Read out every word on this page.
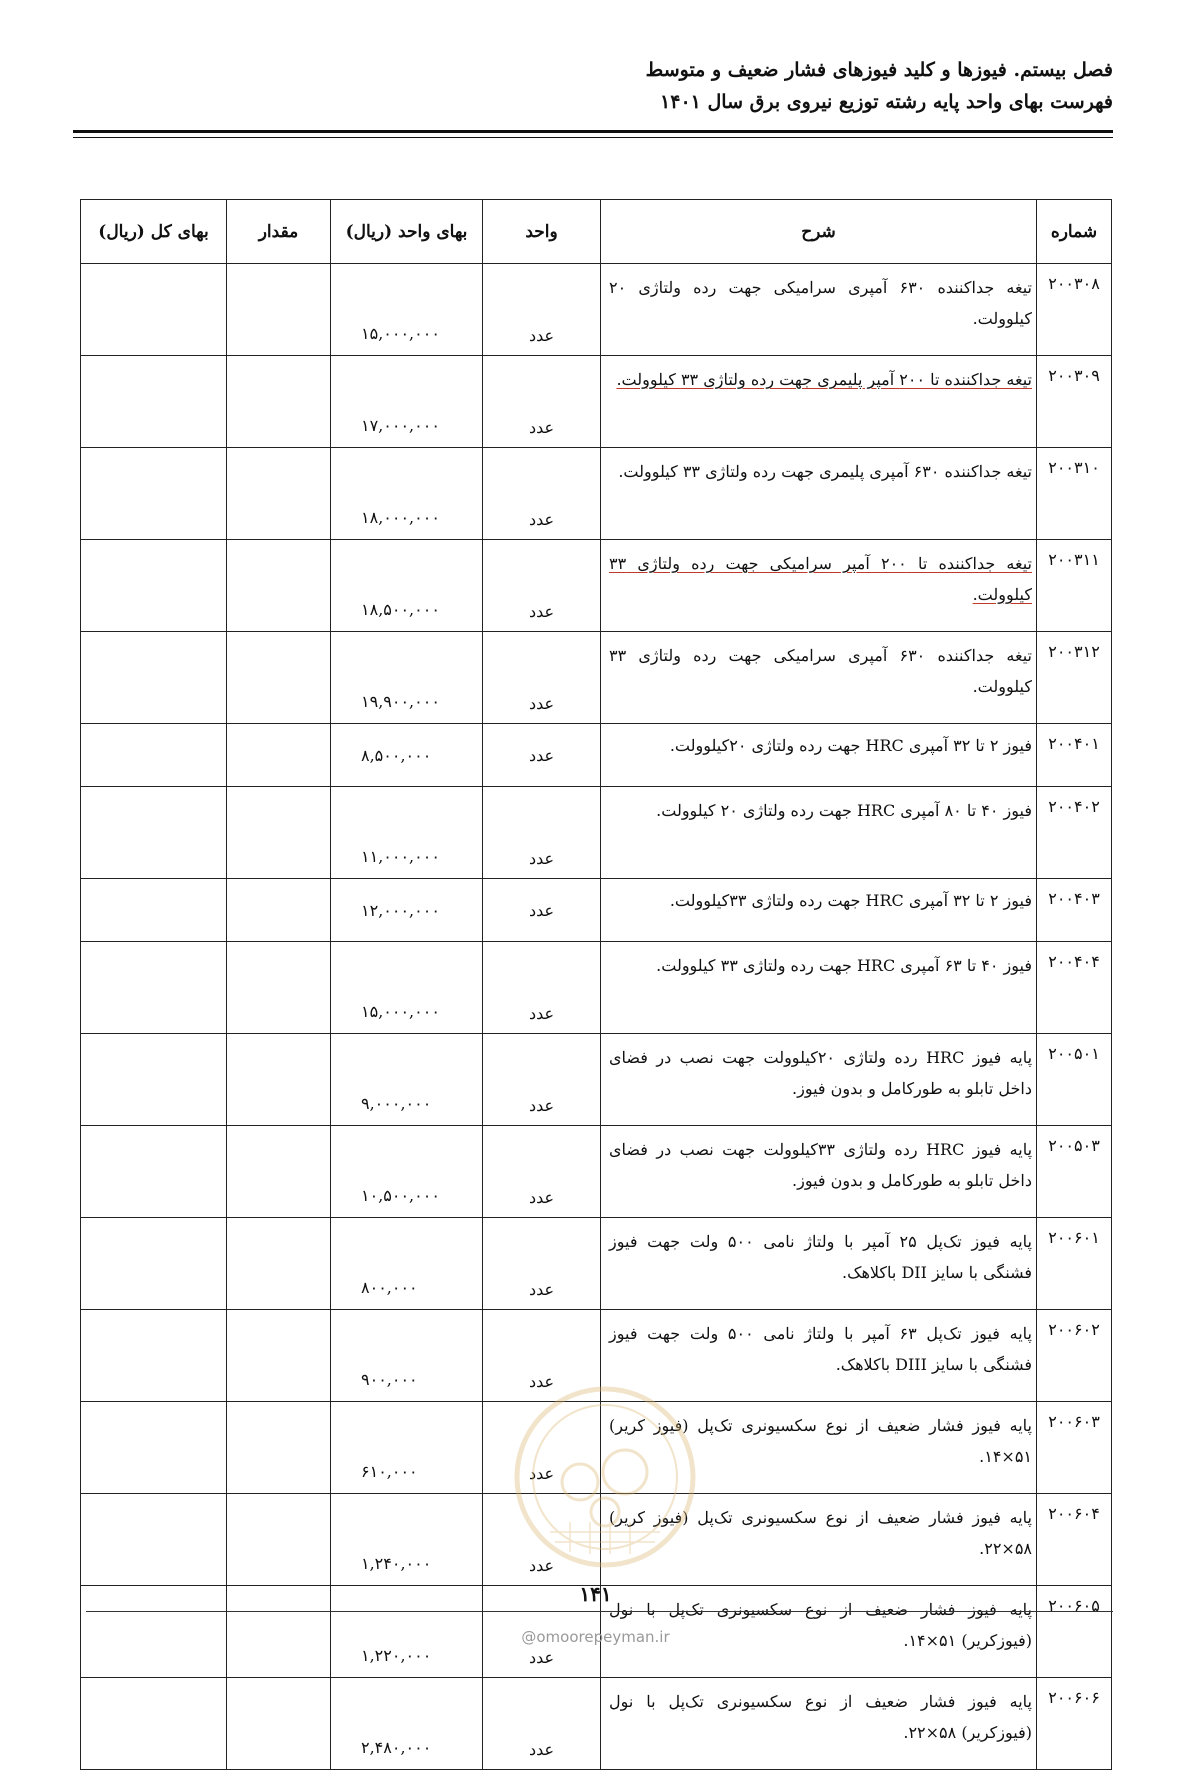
فصل بیستم. فیوزها و کلید فیوزهای فشار ضعیف و متوسط
فهرست بهای واحد پایه رشته توزیع نیروی برق سال ۱۴۰۱
شماره	شرح	واحد	بهای واحد (ریال)	مقدار	بهای کل (ریال)
۲۰۰۳۰۸	تیغه جداکننده ۶۳۰ آمپری سرامیکی جهت رده ولتاژی ۲۰ کیلوولت.	عدد	۱۵,۰۰۰,۰۰۰		
۲۰۰۳۰۹	تیغه جداکننده تا ۲۰۰ آمپر پلیمری جهت رده ولتاژی ۳۳ کیلوولت.	عدد	۱۷,۰۰۰,۰۰۰		
۲۰۰۳۱۰	تیغه جداکننده ۶۳۰ آمپری پلیمری جهت رده ولتاژی ۳۳ کیلوولت.	عدد	۱۸,۰۰۰,۰۰۰		
۲۰۰۳۱۱	تیغه جداکننده تا ۲۰۰ آمپر سرامیکی جهت رده ولتاژی ۳۳ کیلوولت.	عدد	۱۸,۵۰۰,۰۰۰		
۲۰۰۳۱۲	تیغه جداکننده ۶۳۰ آمپری سرامیکی جهت رده ولتاژی ۳۳ کیلوولت.	عدد	۱۹,۹۰۰,۰۰۰		
۲۰۰۴۰۱	فیوز ۲ تا ۳۲ آمپری HRC جهت رده ولتاژی ۲۰کیلوولت.	عدد	۸,۵۰۰,۰۰۰		
۲۰۰۴۰۲	فیوز ۴۰ تا ۸۰ آمپری HRC جهت رده ولتاژی ۲۰ کیلوولت.	عدد	۱۱,۰۰۰,۰۰۰		
۲۰۰۴۰۳	فیوز ۲ تا ۳۲ آمپری HRC جهت رده ولتاژی ۳۳کیلوولت.	عدد	۱۲,۰۰۰,۰۰۰		
۲۰۰۴۰۴	فیوز ۴۰ تا ۶۳ آمپری HRC جهت رده ولتاژی ۳۳ کیلوولت.	عدد	۱۵,۰۰۰,۰۰۰		
۲۰۰۵۰۱	پایه فیوز HRC رده ولتاژی ۲۰کیلوولت جهت نصب در فضای داخل تابلو به طورکامل و بدون فیوز.	عدد	۹,۰۰۰,۰۰۰		
۲۰۰۵۰۳	پایه فیوز HRC رده ولتاژی ۳۳کیلوولت جهت نصب در فضای داخل تابلو به طورکامل و بدون فیوز.	عدد	۱۰,۵۰۰,۰۰۰		
۲۰۰۶۰۱	پایه فیوز تک‌پل ۲۵ آمپر با ولتاژ نامی ۵۰۰ ولت جهت فیوز فشنگی با سایز DII باکلاهک.	عدد	۸۰۰,۰۰۰		
۲۰۰۶۰۲	پایه فیوز تک‌پل ۶۳ آمپر با ولتاژ نامی ۵۰۰ ولت جهت فیوز فشنگی با سایز DIII باکلاهک.	عدد	۹۰۰,۰۰۰		
۲۰۰۶۰۳	پایه فیوز فشار ضعیف از نوع سکسیونری تک‌پل (فیوز کریر) ۵۱×۱۴.	عدد	۶۱۰,۰۰۰		
۲۰۰۶۰۴	پایه فیوز فشار ضعیف از نوع سکسیونری تک‌پل (فیوز کریر) ۵۸×۲۲.	عدد	۱,۲۴۰,۰۰۰		
۲۰۰۶۰۵	پایه فیوز فشار ضعیف از نوع سکسیونری تک‌پل با نول (فیوزکریر) ۵۱×۱۴.	عدد	۱,۲۲۰,۰۰۰		
۲۰۰۶۰۶	پایه فیوز فشار ضعیف از نوع سکسیونری تک‌پل با نول (فیوزکریر) ۵۸×۲۲.	عدد	۲,۴۸۰,۰۰۰		
۱۴۱
@omoorepeyman.ir
